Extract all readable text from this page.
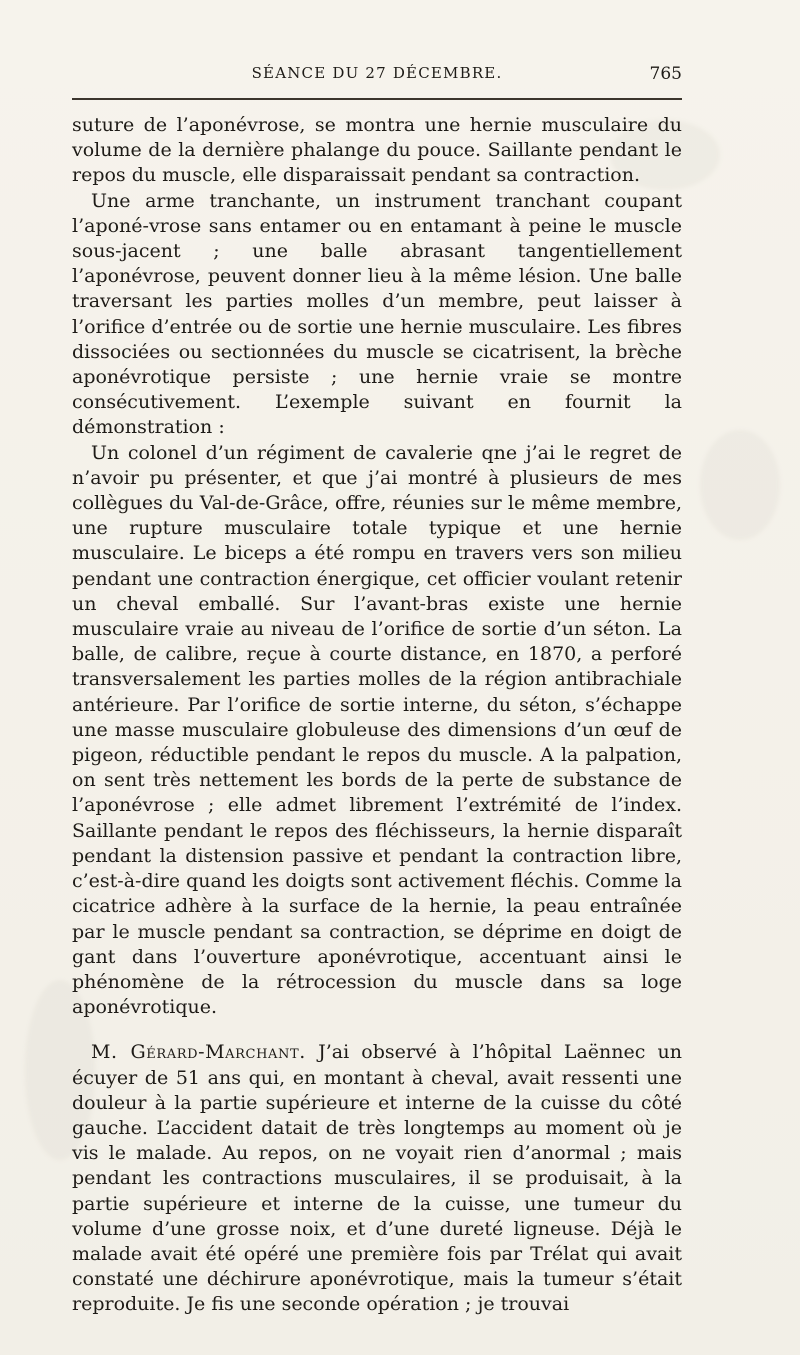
SÉANCE DU 27 DÉCEMBRE.	765

suture de l’aponévrose, se montra une hernie musculaire du volume de la dernière phalange du pouce. Saillante pendant le repos du muscle, elle disparaissait pendant sa contraction.

Une arme tranchante, un instrument tranchant coupant l’aponé-vrose sans entamer ou en entamant à peine le muscle sous-jacent ; une balle abrasant tangentiellement l’aponévrose, peuvent donner lieu à la même lésion. Une balle traversant les parties molles d’un membre, peut laisser à l’orifice d’entrée ou de sortie une hernie musculaire. Les fibres dissociées ou sectionnées du muscle se cicatrisent, la brèche aponévrotique persiste ; une hernie vraie se montre consécutivement. L’exemple suivant en fournit la démonstration :

Un colonel d’un régiment de cavalerie qne j’ai le regret de n’avoir pu présenter, et que j’ai montré à plusieurs de mes collègues du Val-de-Grâce, offre, réunies sur le même membre, une rupture musculaire totale typique et une hernie musculaire. Le biceps a été rompu en travers vers son milieu pendant une contraction énergique, cet officier voulant retenir un cheval emballé. Sur l’avant-bras existe une hernie musculaire vraie au niveau de l’orifice de sortie d’un séton. La balle, de calibre, reçue à courte distance, en 1870, a perforé transversalement les parties molles de la région antibrachiale antérieure. Par l’orifice de sortie interne, du séton, s’échappe une masse musculaire globuleuse des dimensions d’un œuf de pigeon, réductible pendant le repos du muscle. A la palpation, on sent très nettement les bords de la perte de substance de l’aponévrose ; elle admet librement l’extrémité de l’index. Saillante pendant le repos des fléchisseurs, la hernie disparaît pendant la distension passive et pendant la contraction libre, c’est-à-dire quand les doigts sont activement fléchis. Comme la cicatrice adhère à la surface de la hernie, la peau entraînée par le muscle pendant sa contraction, se déprime en doigt de gant dans l’ouverture aponévrotique, accentuant ainsi le phénomène de la rétrocession du muscle dans sa loge aponévrotique.

M. Gérard-Marchant. J’ai observé à l’hôpital Laënnec un écuyer de 51 ans qui, en montant à cheval, avait ressenti une douleur à la partie supérieure et interne de la cuisse du côté gauche. L’accident datait de très longtemps au moment où je vis le malade. Au repos, on ne voyait rien d’anormal ; mais pendant les contractions musculaires, il se produisait, à la partie supérieure et interne de la cuisse, une tumeur du volume d’une grosse noix, et d’une dureté ligneuse. Déjà le malade avait été opéré une première fois par Trélat qui avait constaté une déchirure aponévrotique, mais la tumeur s’était reproduite. Je fis une seconde opération ; je trouvai
